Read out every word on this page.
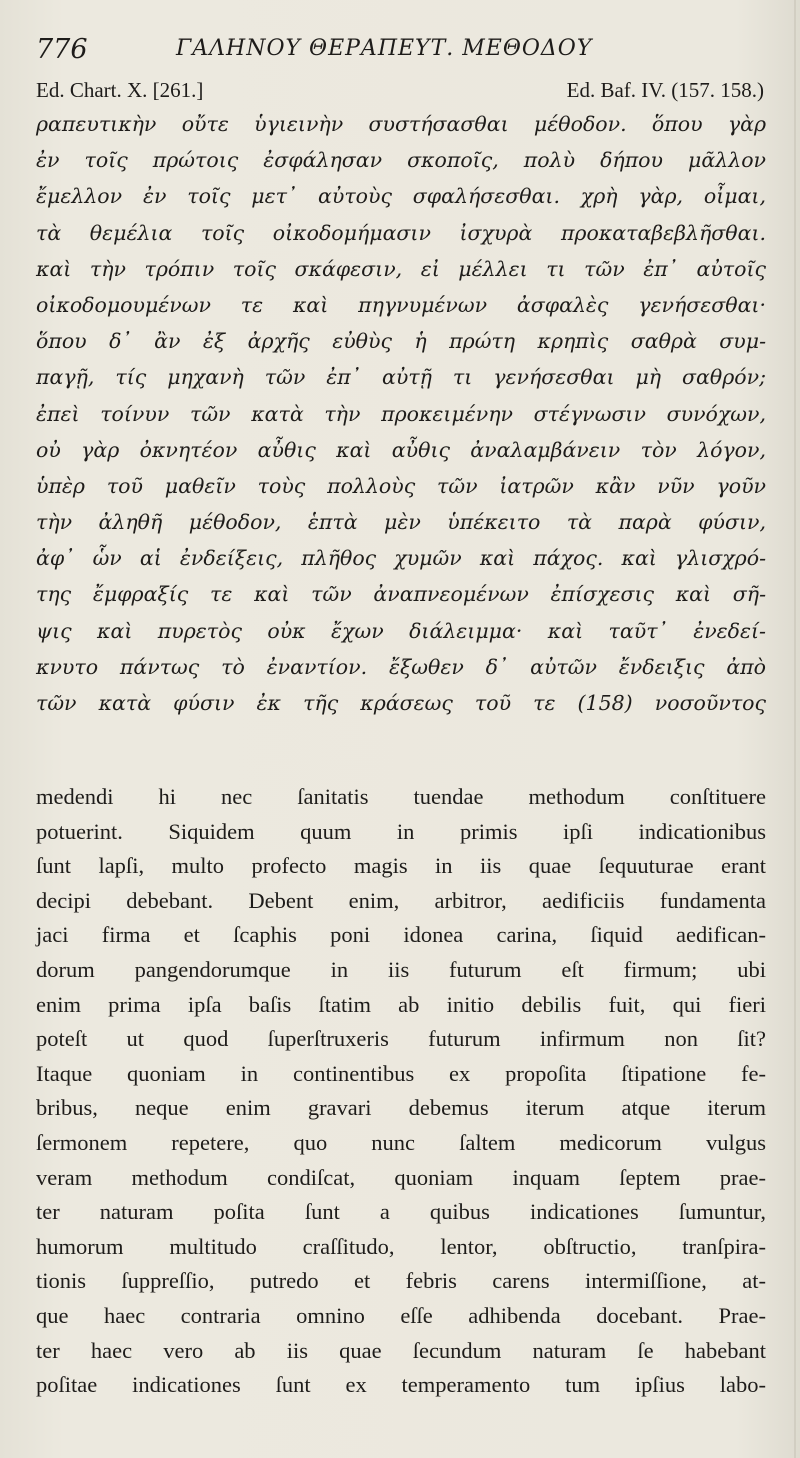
776	ΓΑΛΗΝΟΥ ΘΕΡΑΠΕΥΤ. ΜΕΘΟΔΟΥ
Ed. Chart. X. [261.]	Ed. Baf. IV. (157. 158.)
ραπευτικὴν οὔτε ὑγιεινὴν συστήσασθαι μέθοδον. ὅπου γὰρ
ἐν τοῖς πρώτοις ἐσφάλησαν σκοποῖς, πολὺ δήπου μᾶλλον
ἔμελλον ἐν τοῖς μετ᾽ αὐτοὺς σφαλήσεσθαι. χρὴ γὰρ, οἶμαι,
τὰ θεμέλια τοῖς οἰκοδομήμασιν ἰσχυρὰ προκαταβεβλῆσθαι.
καὶ τὴν τρόπιν τοῖς σκάφεσιν, εἰ μέλλει τι τῶν ἐπ᾽ αὐτοῖς
οἰκοδομουμένων τε καὶ πηγνυμένων ἀσφαλὲς γενήσεσθαι·
ὅπου δ᾽ ἂν ἐξ ἀρχῆς εὐθὺς ἡ πρώτη κρηπὶς σαθρὰ συμ-
παγῇ, τίς μηχανὴ τῶν ἐπ᾽ αὐτῇ τι γενήσεσθαι μὴ σαθρόν;
ἐπεὶ τοίνυν τῶν κατὰ τὴν προκειμένην στέγνωσιν συνόχων,
οὐ γὰρ ὀκνητέον αὖθις καὶ αὖθις ἀναλαμβάνειν τὸν λόγον,
ὑπὲρ τοῦ μαθεῖν τοὺς πολλοὺς τῶν ἰατρῶν κἂν νῦν γοῦν
τὴν ἀληθῆ μέθοδον, ἑπτὰ μὲν ὑπέκειτο τὰ παρὰ φύσιν,
ἀφ᾽ ὧν αἱ ἐνδείξεις, πλῆθος χυμῶν καὶ πάχος. καὶ γλισχρό-
της ἔμφραξίς τε καὶ τῶν ἀναπνεομένων ἐπίσχεσις καὶ σῆ-
ψις καὶ πυρετὸς οὐκ ἔχων διάλειμμα· καὶ ταῦτ᾽ ἐνεδεί-
κνυτο πάντως τὸ ἐναντίον. ἔξωθεν δ᾽ αὐτῶν ἔνδειξις ἀπὸ
τῶν κατὰ φύσιν ἐκ τῆς κράσεως τοῦ τε (158) νοσοῦντος
medendi hi nec ſanitatis tuendae methodum conſtituere
potuerint. Siquidem quum in primis ipſi indicationibus
ſunt lapſi, multo profecto magis in iis quae ſequuturae erant
decipi debebant. Debent enim, arbitror, aedificiis fundamenta
jaci firma et ſcaphis poni idonea carina, ſiquid aedifican-
dorum pangendorumque in iis futurum eſt firmum; ubi
enim prima ipſa baſis ſtatim ab initio debilis fuit, qui fieri
poteſt ut quod ſuperſtruxeris futurum infirmum non ſit?
Itaque quoniam in continentibus ex propoſita ſtipatione fe-
bribus, neque enim gravari debemus iterum atque iterum
ſermonem repetere, quo nunc ſaltem medicorum vulgus
veram methodum condiſcat, quoniam inquam ſeptem prae-
ter naturam poſita ſunt a quibus indicationes ſumuntur,
humorum multitudo craſſitudo, lentor, obſtructio, tranſpira-
tionis ſuppreſſio, putredo et febris carens intermiſſione, at-
que haec contraria omnino eſſe adhibenda docebant. Prae-
ter haec vero ab iis quae ſecundum naturam ſe habebant
poſitae indicationes ſunt ex temperamento tum ipſius labo-
